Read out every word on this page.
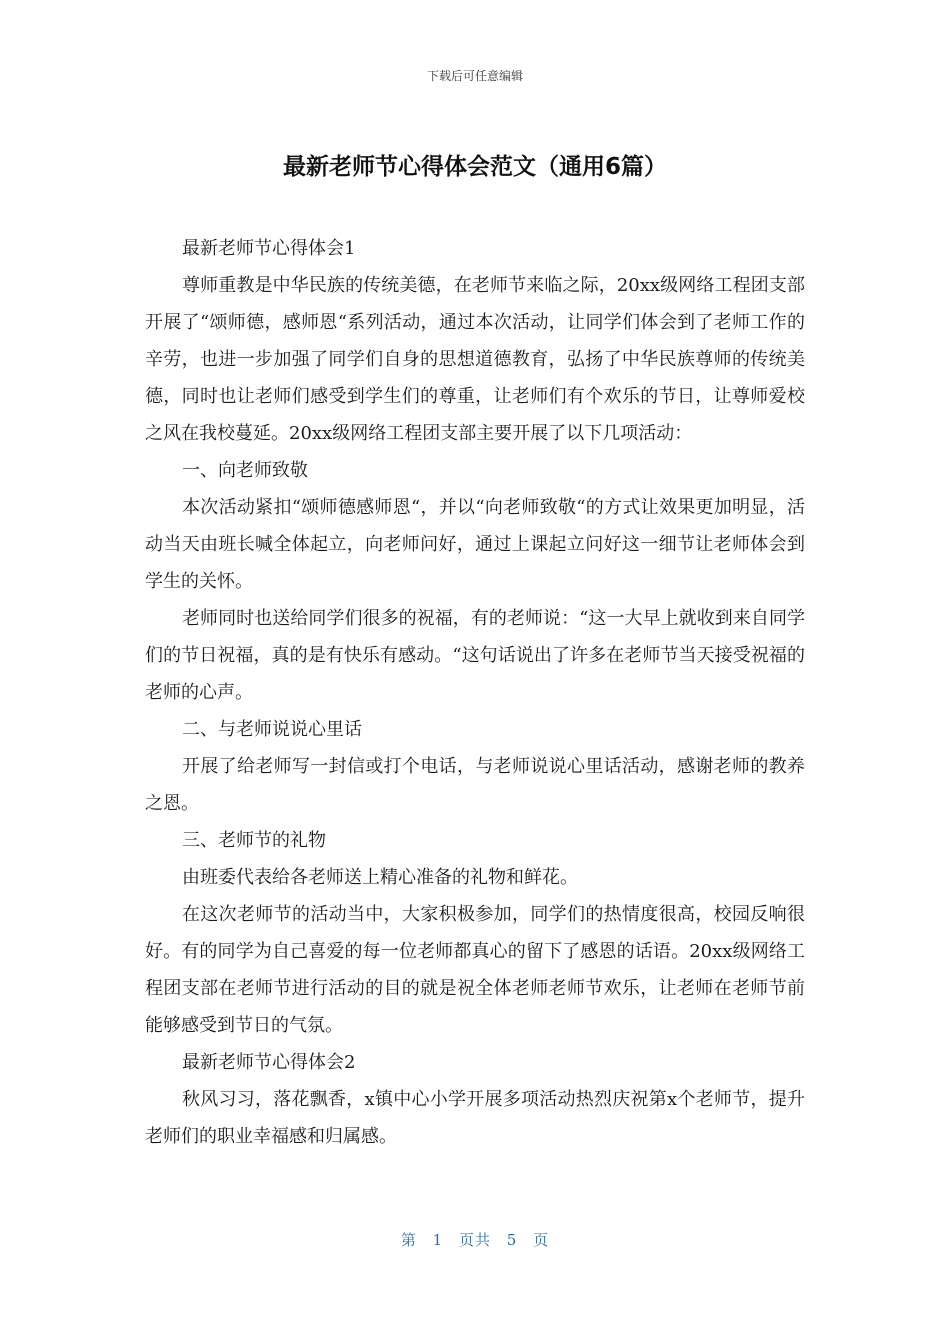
下载后可任意编辑
最新老师节心得体会范文（通用6篇）

最新老师节心得体会1

尊师重教是中华民族的传统美德，在老师节来临之际，20xx级网络工程团支部开展了“颂师德，感师恩“系列活动，通过本次活动，让同学们体会到了老师工作的辛劳，也进一步加强了同学们自身的思想道德教育，弘扬了中华民族尊师的传统美德，同时也让老师们感受到学生们的尊重，让老师们有个欢乐的节日，让尊师爱校之风在我校蔓延。20xx级网络工程团支部主要开展了以下几项活动：

一、向老师致敬

本次活动紧扣“颂师德感师恩“，并以“向老师致敬“的方式让效果更加明显，活动当天由班长喊全体起立，向老师问好，通过上课起立问好这一细节让老师体会到学生的关怀。

老师同时也送给同学们很多的祝福，有的老师说：“这一大早上就收到来自同学们的节日祝福，真的是有快乐有感动。“这句话说出了许多在老师节当天接受祝福的老师的心声。

二、与老师说说心里话

开展了给老师写一封信或打个电话，与老师说说心里话活动，感谢老师的教养之恩。

三、老师节的礼物

由班委代表给各老师送上精心准备的礼物和鲜花。

在这次老师节的活动当中，大家积极参加，同学们的热情度很高，校园反响很好。有的同学为自己喜爱的每一位老师都真心的留下了感恩的话语。20xx级网络工程团支部在老师节进行活动的目的就是祝全体老师老师节欢乐，让老师在老师节前能够感受到节日的气氛。

最新老师节心得体会2

秋风习习，落花飘香，x镇中心小学开展多项活动热烈庆祝第x个老师节，提升老师们的职业幸福感和归属感。

第 1 页共 5 页
